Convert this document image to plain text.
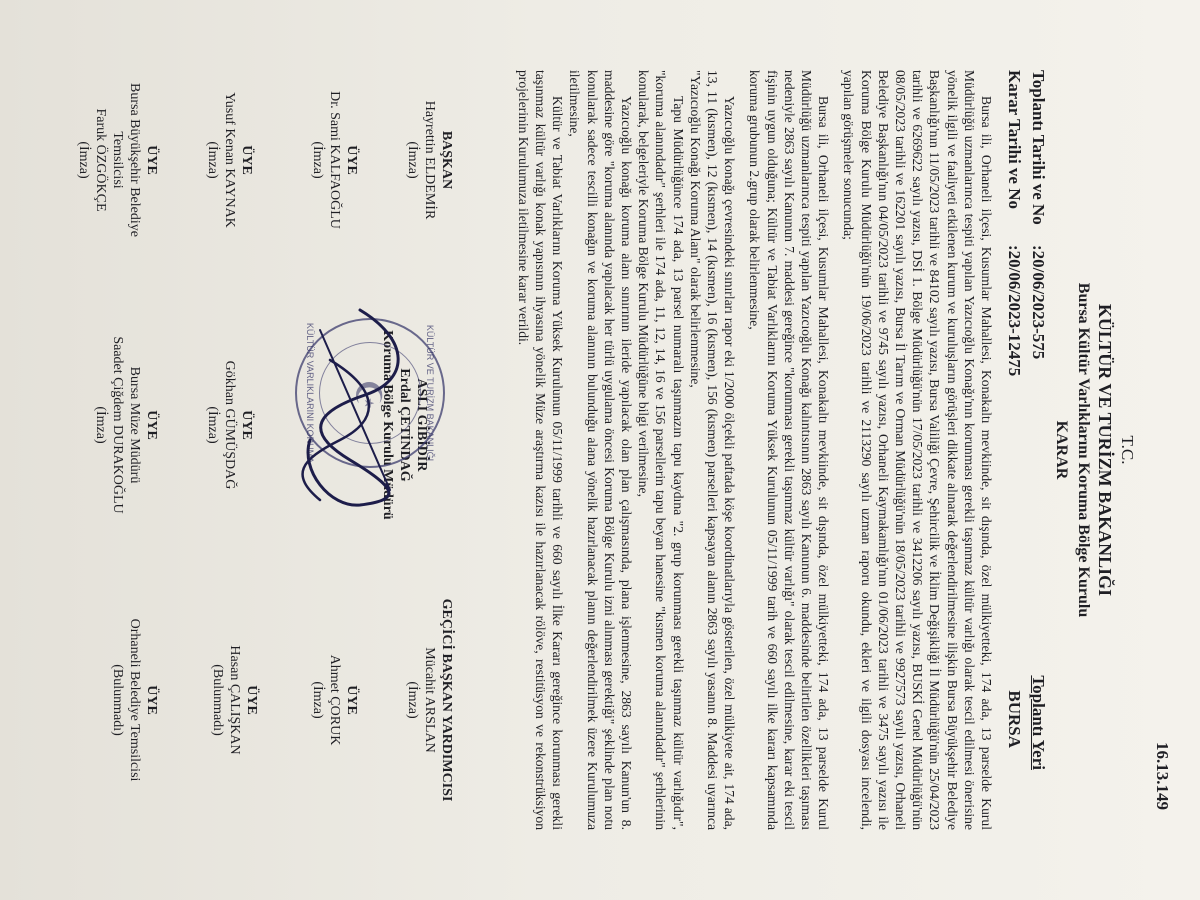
16.13.149
T.C.
KÜLTÜR VE TURİZM BAKANLIĞI
Bursa Kültür Varlıklarını Koruma Bölge Kurulu
KARAR
Toplantı Tarihi ve No
:20/06/2023-575
Toplantı Yeri
Karar Tarihi ve No
:20/06/2023-12475
BURSA

Bursa ili, Orhaneli ilçesi, Kusumlar Mahallesi, Konakaltı mevkiinde, sit dışında, özel mülkiyetteki, 174 ada, 13 parselde Kurul Müdürlüğü uzmanlarınca tespiti yapılan Yazıcıoğlu Konağı'nın korunması gerekli taşınmaz kültür varlığı olarak tescil edilmesi önerisine yönelik ilgili ve faaliyeti etkilenen kurum ve kuruluşların görüşleri dikkate alınarak değerlendirilmesine ilişkin Bursa Büyükşehir Belediye Başkanlığı'nın 11/05/2023 tarihli ve 84102 sayılı yazısı, Bursa Valiliği Çevre, Şehircilik ve İklim Değişikliği İl Müdürlüğü'nün 25/04/2023 tarihli ve 6269622 sayılı yazısı, DSİ 1. Bölge Müdürlüğü'nün 17/05/2023 tarihli ve 3412206 sayılı yazısı, BUSKİ Genel Müdürlüğü'nün 08/05/2023 tarihli ve 162201 sayılı yazısı, Bursa İl Tarım ve Orman Müdürlüğü'nün 18/05/2023 tarihli ve 9927573 sayılı yazısı, Orhaneli Belediye Başkanlığı'nın 04/05/2023 tarihli ve 9745 sayılı yazısı, Orhaneli Kaymakamlığı'nın 01/06/2023 tarihli ve 3475 sayılı yazısı ile Koruma Bölge Kurulu Müdürlüğü'nün 19/06/2023 tarihli ve 2113290 sayılı uzman raporu okundu, ekleri ve ilgili dosyası incelendi, yapılan görüşmeler sonucunda;

Bursa ili, Orhaneli ilçesi, Kusumlar Mahallesi, Konakaltı mevkiinde, sit dışında, özel mülkiyetteki, 174 ada, 13 parselde Kurul Müdürlüğü uzmanlarınca tespiti yapılan Yazıcıoğlu Konağı kalıntısının 2863 sayılı Kanunun 6. maddesinde belirtilen özellikleri taşıması nedeniyle 2863 sayılı Kanunun 7. maddesi gereğince "korunması gerekli taşınmaz kültür varlığı" olarak tescil edilmesine, karar eki tescil fişinin uygun olduğuna; Kültür ve Tabiat Varlıklarını Koruma Yüksek Kurulunun 05/11/1999 tarih ve 660 sayılı ilke kararı kapsamında koruma grubunun 2.grup olarak belirlenmesine,

Yazıcıoğlu konağı çevresindeki sınırları rapor eki 1/2000 ölçekli paftada köşe koordinatlarıyla gösterilen, özel mülkiyete ait, 174 ada, 13, 11 (kısmen), 12 (kısmen), 14 (kısmen), 16 (kısmen), 156 (kısmen) parselleri kapsayan alanın 2863 sayılı yasanın 8. Maddesi uyarınca "Yazıcıoğlu Konağı Koruma Alanı" olarak belirlenmesine,

Tapu Müdürlüğünce 174 ada, 13 parsel numaralı taşınmazın tapu kaydına "2. grup korunması gerekli taşınmaz kültür varlığıdır", "koruma alanındadır" şerhleri ile 174 ada, 11, 12, 14, 16 ve 156 parsellerin tapu beyan hanesine "kısmen koruma alanındadır" şerhlerinin konularak, belgeleriyle Koruma Bölge Kurulu Müdürlüğüne bilgi verilmesine,

Yazıcıoğlu konağı koruma alanı sınırının ileride yapılacak olan plan çalışmasında, plana işlenmesine, 2863 sayılı Kanun'un 8. maddesine göre "koruma alanında yapılacak her türlü uygulama öncesi Koruma Bölge Kurulu izni alınması gerektiği" şeklinde plan notu konularak sadece tescilli konağın ve koruma alanının bulunduğu alana yönelik hazırlanacak planın değerlendirilmek üzere Kurulumuza iletilmesine,

Kültür ve Tabiat Varlıklarını Koruma Yüksek Kurulunun 05/11/1999 tarihli ve 660 sayılı İlke Kararı gereğince korunması gerekli taşınmaz kültür varlığı konak yapısının ihyasına yönelik Müze araştırma kazısı ile hazırlanacak rölöve, restitüsyon ve rekonstrüksiyon projelerinin Kurulumuza iletilmesine karar verildi.

BAŞKAN
Hayrettin ELDEMİR
(İmza)
GEÇİCİ BAŞKAN YARDIMCISI
Mücahit ARSLAN
(İmza)
ASLI GİBİDİR
Erdal ÇETİNDAĞ
Koruma Bölge Kurulu Müdürü
ÜYE
Dr. Sami KALFAOĞLU
(İmza)
ÜYE
Ahmet ÇORUK
(İmza)
ÜYE
Yusuf Kenan KAYNAK
(İmza)
ÜYE
Gökhan GÜMÜŞDAĞ
(İmza)
ÜYE
Hasan ÇALIŞKAN
(Bulunmadı)
ÜYE
Bursa Büyükşehir Belediye
Temsilcisi
Faruk ÖZGÖKÇE
(İmza)
ÜYE
Bursa Müze Müdürü
Saadet Çiğdem DURAKOĞLU
(İmza)
ÜYE
Orhaneli Belediye Temsilcisi
(Bulunmadı)
KÜLTÜR VE TURİZM BAKANLIĞI
☪
KÜLTÜR VARLIKLARINI KORUMA
